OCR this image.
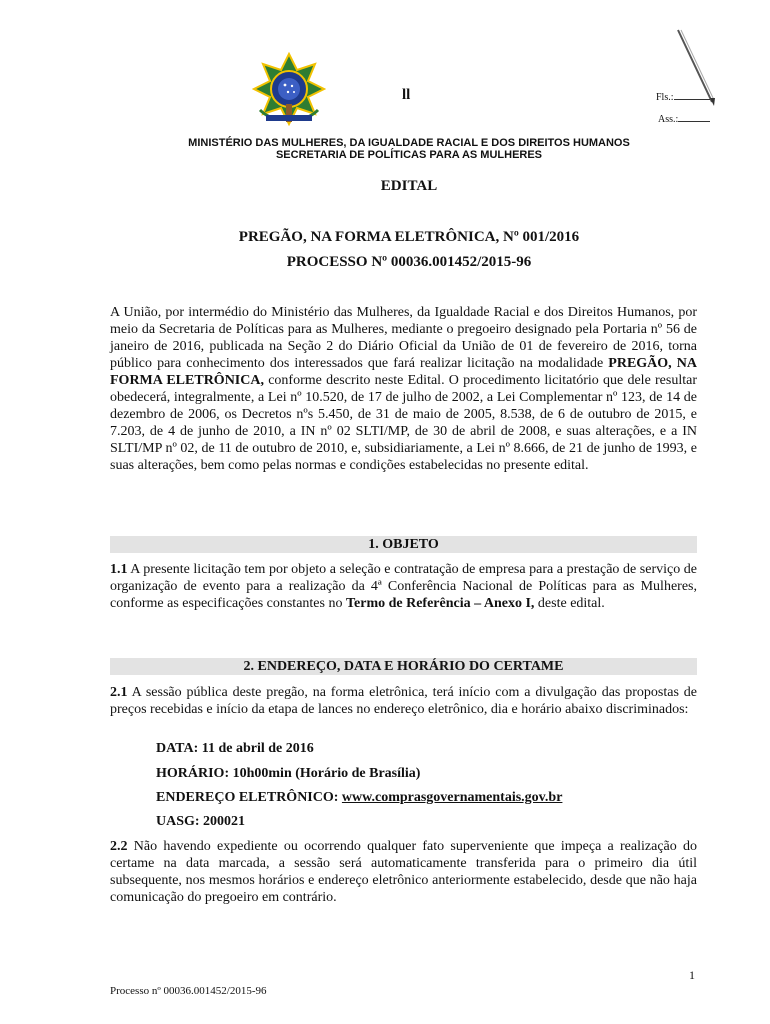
ll	Fls.:
Ass.:
MINISTÉRIO DAS MULHERES, DA IGUALDADE RACIAL E DOS DIREITOS HUMANOS
SECRETARIA DE POLÍTICAS PARA AS MULHERES
EDITAL
PREGÃO, NA FORMA ELETRÔNICA, Nº 001/2016
PROCESSO Nº 00036.001452/2015-96
A União, por intermédio do Ministério das Mulheres, da Igualdade Racial e dos Direitos Humanos, por meio da Secretaria de Políticas para as Mulheres, mediante o pregoeiro designado pela Portaria nº 56 de janeiro de 2016, publicada na Seção 2 do Diário Oficial da União de 01 de fevereiro de 2016, torna público para conhecimento dos interessados que fará realizar licitação na modalidade PREGÃO, NA FORMA ELETRÔNICA, conforme descrito neste Edital. O procedimento licitatório que dele resultar obedecerá, integralmente, a Lei nº 10.520, de 17 de julho de 2002, a Lei Complementar nº 123, de 14 de dezembro de 2006, os Decretos nºs 5.450, de 31 de maio de 2005, 8.538, de 6 de outubro de 2015, e 7.203, de 4 de junho de 2010, a IN nº 02 SLTI/MP, de 30 de abril de 2008, e suas alterações, e a IN SLTI/MP nº 02, de 11 de outubro de 2010, e, subsidiariamente, a Lei nº 8.666, de 21 de junho de 1993, e suas alterações, bem como pelas normas e condições estabelecidas no presente edital.
1. OBJETO
1.1 A presente licitação tem por objeto a seleção e contratação de empresa para a prestação de serviço de organização de evento para a realização da 4ª Conferência Nacional de Políticas para as Mulheres, conforme as especificações constantes no Termo de Referência – Anexo I, deste edital.
2. ENDEREÇO, DATA E HORÁRIO DO CERTAME
2.1 A sessão pública deste pregão, na forma eletrônica, terá início com a divulgação das propostas de preços recebidas e início da etapa de lances no endereço eletrônico, dia e horário abaixo discriminados:
DATA: 11 de abril de 2016
HORÁRIO: 10h00min (Horário de Brasília)
ENDEREÇO ELETRÔNICO: www.comprasgovernamentais.gov.br
UASG: 200021
2.2 Não havendo expediente ou ocorrendo qualquer fato superveniente que impeça a realização do certame na data marcada, a sessão será automaticamente transferida para o primeiro dia útil subsequente, nos mesmos horários e endereço eletrônico anteriormente estabelecido, desde que não haja comunicação do pregoeiro em contrário.
1
Processo nº 00036.001452/2015-96
